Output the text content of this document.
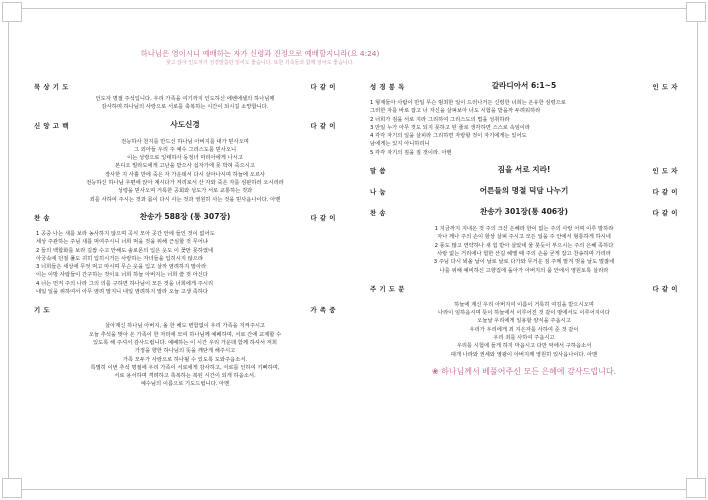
하나님은 영이시니 예배하는 자가 신령과 진정으로 예배할지니라(요 4:24)
찾고 앉아 인도자가 성경말씀만 읽어도 좋습니다. 또한 가족들과 함께 읽어도 좋습니다.
묵 상 기 도	다 같 이
인도자 명절 주석입니다. 우리 가족을 여기까지 인도하신 에벤에셀의 하나님께
감사하며 하나님의 사랑으로 서로를 축복하는 시간이 되시길 소망합니다.
신 앙 고 백	사도신경	다 같 이
전능하사 천지를 만드신 하나님 아버지를 내가 믿사오며
그 외아들 우리 주 예수 그리스도를 믿사오니
이는 성령으로 잉태하사 동정녀 마리아에게 나시고
본디오 빌라도에게 고난을 받으사 십자가에 못 박혀 죽으시고
장사한 지 사흘 만에 죽은 자 가운데서 다시 살아나시며 하늘에 오르사
전능하신 하나님 우편에 앉아 계시다가 저리로서 산 자와 죽은 자를 심판하러 오시리라
성령을 믿사오며 거룩한 공회와 성도가 서로 교통하는 것과
죄를 사하여 주시는 것과 몸이 다시 사는 것과 영원히 사는 것을 믿사옵나이다. 아멘
찬 송	찬송가 588장 (통 307장)	다 같 이
1 공중 나는 새를 보라 농사하지 않으며 곡식 모아 곳간 안에 들인 것이 없어도
세상 주관하는 주님 새를 먹여주시니 너희 먹을 것을 위해 근심할 것 무어냐
2 들의 백합화를 보라 길쌈 수고 안해도 솔로몬의 입은 옷도 이 꽃만 못하였네
아궁속에 던질 풀도 귀히 입히시거든 사랑하는 자녀들을 입히시지 않으랴
3 너희들은 세상에 무엇 먹고 마시며 무슨 옷을 입고 살까 염려하지 말아라
이는 이방 사람들이 간구하는 것이요 너희 하늘 아버지는 너희 쓸 것 아신다
4 너는 먼저 주의 나라 그의 의를 구하면 하나님이 모든 것을 너희에게 주시리
내일 일을 위하여서 아무 염려 말지니 내일 염려하지 말라 오늘 고생 족하다
기 도	가 족 중
살아계신 하나님 아버지, 올 한 해도 변함없이 우리 가족을 지켜주시고
오늘 추석을 맞아 온 가족이 한 자리에 모여 하나님께 예배하며, 서로 간에 교제할 수
있도록 해 주셔서 감사드립니다. 예배하는 이 시간 우리 가운데 함께 하셔서 저희
가정을 향한 하나님의 뜻을 깨닫게 해주시고
가족 모두가 사랑으로 하나될 수 있도록 도와주옵소서.
특별히 이번 추석 명절에 우리 가족이 서로에게 감사하고, 서로를 인하여 기뻐하며,
서로 용서하며 격려하고 축복하는 복된 시간이 되게 하옵소서.
예수님의 이름으로 기도드립니다. 아멘
성 경 봉 독	갈라디아서 6:1~5	인 도 자
1 형제들아 사람이 만일 무슨 범죄한 일이 드러나거든 신령한 너희는 온유한 심령으로
그러한 자를 바로 잡고 너 자신을 살펴보아 너도 시험을 받을까 두려워하라
2 너희가 짐을 서로 지라 그리하여 그리스도의 법을 성취하라
3 만일 누가 아무 것도 되지 못하고 된 줄로 생각하면 스스로 속임이라
4 각각 자기의 일을 살피라 그리하면 자랑할 것이 자기에게는 있어도
남에게는 있지 아니하리니
5 각각 자기의 짐을 질 것이라. 아멘
말 씀	짐을 서로 지라!	인 도 자
나 눔	어른들의 명절 덕담 나누기	다 같 이
찬 송	찬송가 301장(통 406장)	다 같 이
1 지금까지 지내온 것 주의 크신 은혜라 한이 없는 주의 사랑 어찌 이루 말하랴
자나 깨나 주의 손이 항상 살펴 주시고 모든 일을 주 안에서 형통하게 하시네
2 풍도 많고 연약하나 새 힘 받아 살았네 물 붓듯이 부으시는 주의 은혜 족하다
사랑 없는 거리에나 험한 산길 헤맬 때 주의 손을 굳게 잡고 찬송하며 가리라
3 주님 다시 뵈올 날이 날로 날로 다가와 무거운 짐 주께 맡겨 벗을 날도 멀잖네
나를 위해 예비하신 고향집에 돌아가 아버지의 품 안에서 영원토록 살리라
주 기 도 문	다 같 이
하늘에 계신 우리 아버지여 이름이 거룩히 여김을 받으시오며
나라이 임하옵시며 뜻이 하늘에서 이루어진 것 같이 땅에서도 이루어지이다
오늘날 우리에게 일용할 양식을 주옵시고
우리가 우리에게 죄 지은자를 사하여 준 것 같이
우리 죄를 사하여 주옵시고
우리를 시험에 들게 하지 마옵시고 다만 악에서 구하옵소서
대개 나라와 권세와 영광이 아버지께 영원히 있사옵나이다. 아멘
❀ 하나님께서 베풀어주신 모든 은혜에 감사드립니다.
